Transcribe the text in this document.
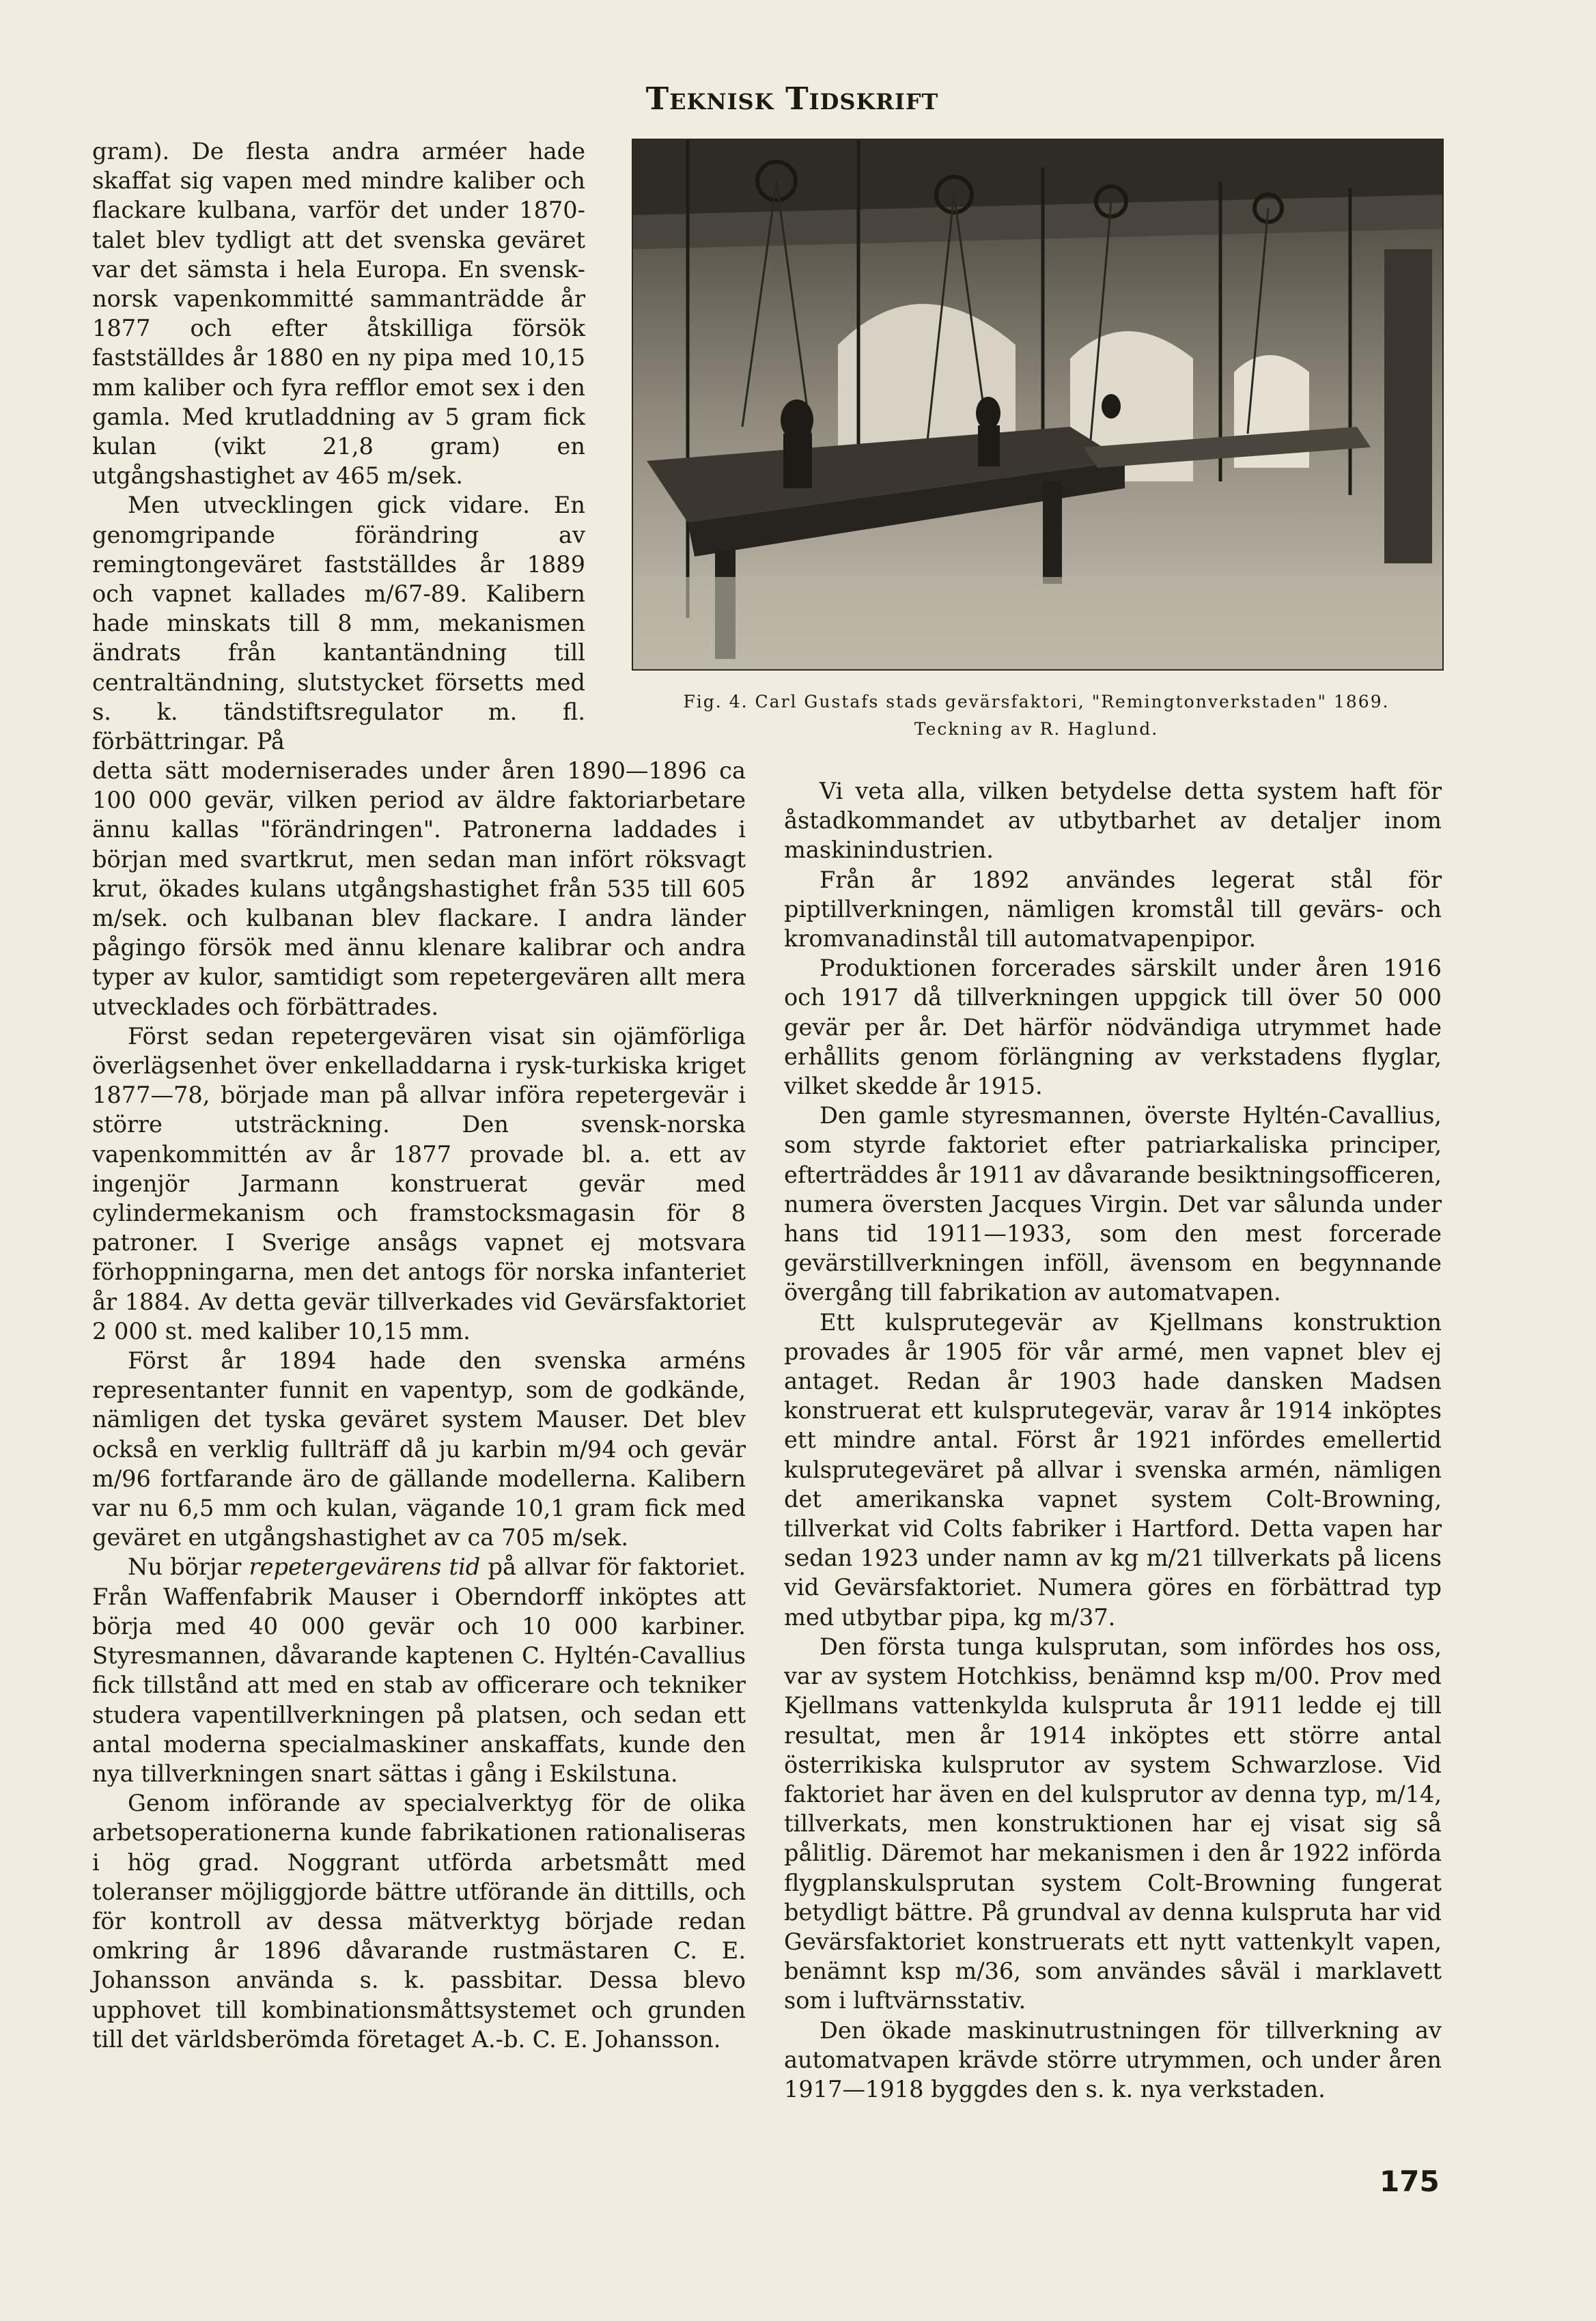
Teknisk Tidskrift

gram). De flesta andra arméer hade skaffat sig vapen med mindre kaliber och flackare kulbana, varför det under 1870-talet blev tydligt att det svenska geväret var det sämsta i hela Europa. En svensk-norsk vapenkommitté sammanträdde år 1877 och efter åtskilliga försök fastställdes år 1880 en ny pipa med 10,15 mm kaliber och fyra refflor emot sex i den gamla. Med krutladdning av 5 gram fick kulan (vikt 21,8 gram) en utgångshastighet av 465 m/sek.

Men utvecklingen gick vidare. En genomgripande förändring av remingtongeväret fastställdes år 1889 och vapnet kallades m/67-89. Kalibern hade minskats till 8 mm, mekanismen ändrats från kantantändning till centraltändning, slutstycket försetts med s. k. tändstiftsregulator m. fl. förbättringar. På

Fig. 4. Carl Gustafs stads gevärsfaktori, "Remingtonverkstaden" 1869.
Teckning av R. Haglund.

detta sätt moderniserades under åren 1890—1896 ca 100 000 gevär, vilken period av äldre faktoriarbetare ännu kallas "förändringen". Patronerna laddades i början med svartkrut, men sedan man infört röksvagt krut, ökades kulans utgångshastighet från 535 till 605 m/sek. och kulbanan blev flackare. I andra länder pågingo försök med ännu klenare kalibrar och andra typer av kulor, samtidigt som repetergevären allt mera utvecklades och förbättrades.

Först sedan repetergevären visat sin ojämförliga överlägsenhet över enkelladdarna i rysk-turkiska kriget 1877—78, började man på allvar införa repetergevär i större utsträckning. Den svensk-norska vapenkommittén av år 1877 provade bl. a. ett av ingenjör Jarmann konstruerat gevär med cylindermekanism och framstocksmagasin för 8 patroner. I Sverige ansågs vapnet ej motsvara förhoppningarna, men det antogs för norska infanteriet år 1884. Av detta gevär tillverkades vid Gevärsfaktoriet 2 000 st. med kaliber 10,15 mm.

Först år 1894 hade den svenska arméns representanter funnit en vapentyp, som de godkände, nämligen det tyska geväret system Mauser. Det blev också en verklig fullträff då ju karbin m/94 och gevär m/96 fortfarande äro de gällande modellerna. Kalibern var nu 6,5 mm och kulan, vägande 10,1 gram fick med geväret en utgångshastighet av ca 705 m/sek.

Nu börjar repetergevärens tid på allvar för faktoriet. Från Waffenfabrik Mauser i Oberndorff inköptes att börja med 40 000 gevär och 10 000 karbiner. Styresmannen, dåvarande kaptenen C. Hyltén-Cavallius fick tillstånd att med en stab av officerare och tekniker studera vapentillverkningen på platsen, och sedan ett antal moderna specialmaskiner anskaffats, kunde den nya tillverkningen snart sättas i gång i Eskilstuna.

Genom införande av specialverktyg för de olika arbetsoperationerna kunde fabrikationen rationaliseras i hög grad. Noggrant utförda arbetsmått med toleranser möjliggjorde bättre utförande än dittills, och för kontroll av dessa mätverktyg började redan omkring år 1896 dåvarande rustmästaren C. E. Johansson använda s. k. passbitar. Dessa blevo upphovet till kombinationsmåttsystemet och grunden till det världsberömda företaget A.-b. C. E. Johansson.

Vi veta alla, vilken betydelse detta system haft för åstadkommandet av utbytbarhet av detaljer inom maskinindustrien.

Från år 1892 användes legerat stål för piptillverkningen, nämligen kromstål till gevärs- och kromvanadinstål till automatvapenpipor.

Produktionen forcerades särskilt under åren 1916 och 1917 då tillverkningen uppgick till över 50 000 gevär per år. Det härför nödvändiga utrymmet hade erhållits genom förlängning av verkstadens flyglar, vilket skedde år 1915.

Den gamle styresmannen, överste Hyltén-Cavallius, som styrde faktoriet efter patriarkaliska principer, efterträddes år 1911 av dåvarande besiktningsofficeren, numera översten Jacques Virgin. Det var sålunda under hans tid 1911—1933, som den mest forcerade gevärstillverkningen inföll, ävensom en begynnande övergång till fabrikation av automatvapen.

Ett kulsprutegevär av Kjellmans konstruktion provades år 1905 för vår armé, men vapnet blev ej antaget. Redan år 1903 hade dansken Madsen konstruerat ett kulsprutegevär, varav år 1914 inköptes ett mindre antal. Först år 1921 infördes emellertid kulsprutegeväret på allvar i svenska armén, nämligen det amerikanska vapnet system Colt-Browning, tillverkat vid Colts fabriker i Hartford. Detta vapen har sedan 1923 under namn av kg m/21 tillverkats på licens vid Gevärsfaktoriet. Numera göres en förbättrad typ med utbytbar pipa, kg m/37.

Den första tunga kulsprutan, som infördes hos oss, var av system Hotchkiss, benämnd ksp m/00. Prov med Kjellmans vattenkylda kulspruta år 1911 ledde ej till resultat, men år 1914 inköptes ett större antal österrikiska kulsprutor av system Schwarzlose. Vid faktoriet har även en del kulsprutor av denna typ, m/14, tillverkats, men konstruktionen har ej visat sig så pålitlig. Däremot har mekanismen i den år 1922 införda flygplanskulsprutan system Colt-Browning fungerat betydligt bättre. På grundval av denna kulspruta har vid Gevärsfaktoriet konstruerats ett nytt vattenkylt vapen, benämnt ksp m/36, som användes såväl i marklavett som i luftvärnsstativ.

Den ökade maskinutrustningen för tillverkning av automatvapen krävde större utrymmen, och under åren 1917—1918 byggdes den s. k. nya verkstaden.

175
